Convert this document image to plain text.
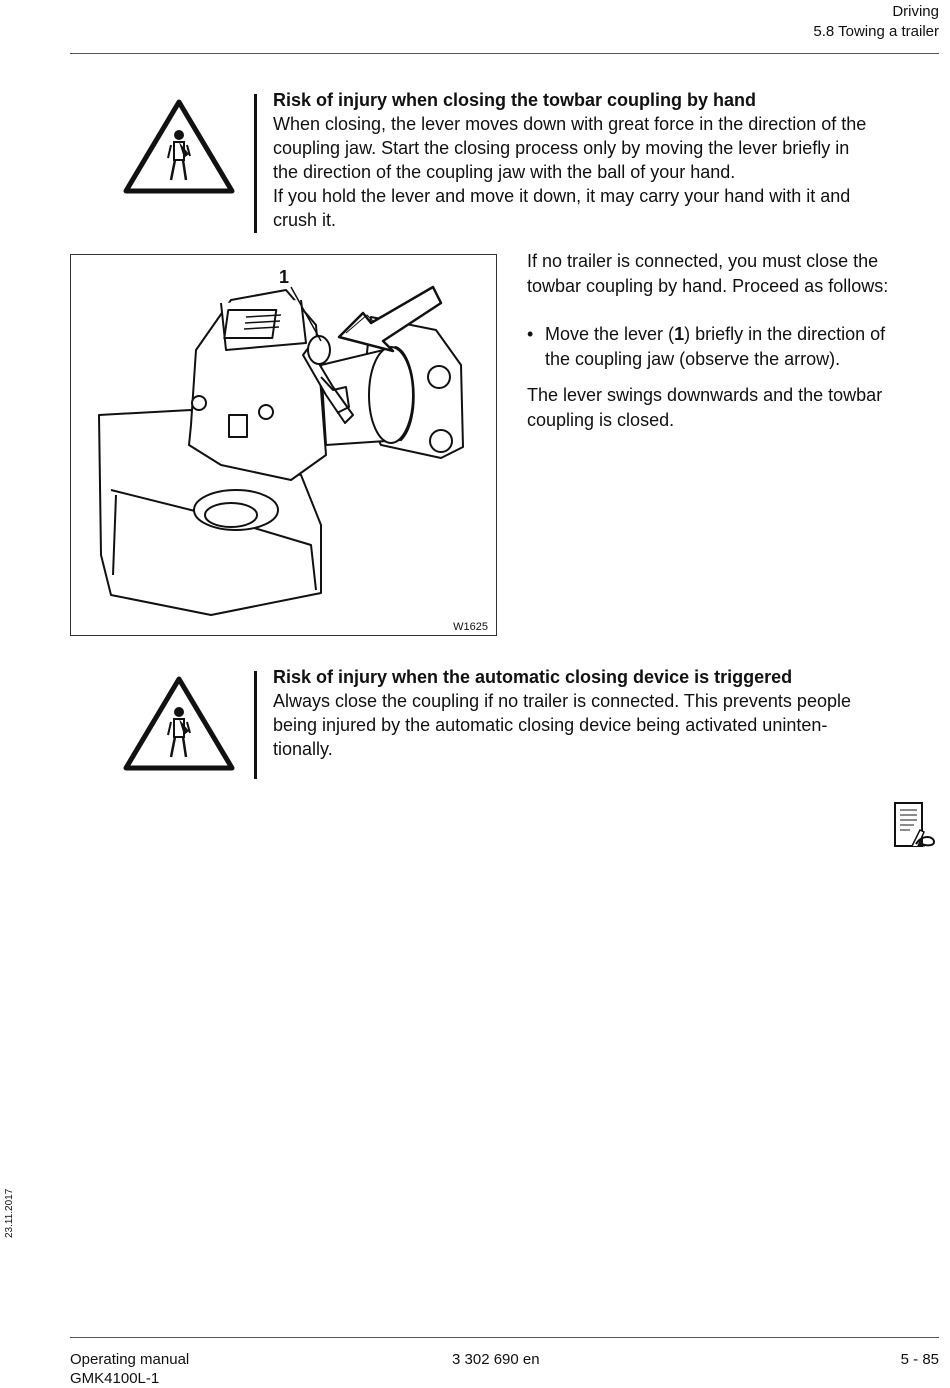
Driving
5.8 Towing a trailer
Risk of injury when closing the towbar coupling by hand
When closing, the lever moves down with great force in the direction of the
coupling jaw. Start the closing process only by moving the lever briefly in
the direction of the coupling jaw with the ball of your hand.
If you hold the lever and move it down, it may carry your hand with it and
crush it.
1
W1625
If no trailer is connected, you must close the
towbar coupling by hand. Proceed as follows:
• Move the lever (1) briefly in the direction of
the coupling jaw (observe the arrow).
The lever swings downwards and the towbar
coupling is closed.
Risk of injury when the automatic closing device is triggered
Always close the coupling if no trailer is connected. This prevents people
being injured by the automatic closing device being activated uninten-
tionally.
23.11.2017
Operating manual
GMK4100L-1
3 302 690 en	5 - 85
